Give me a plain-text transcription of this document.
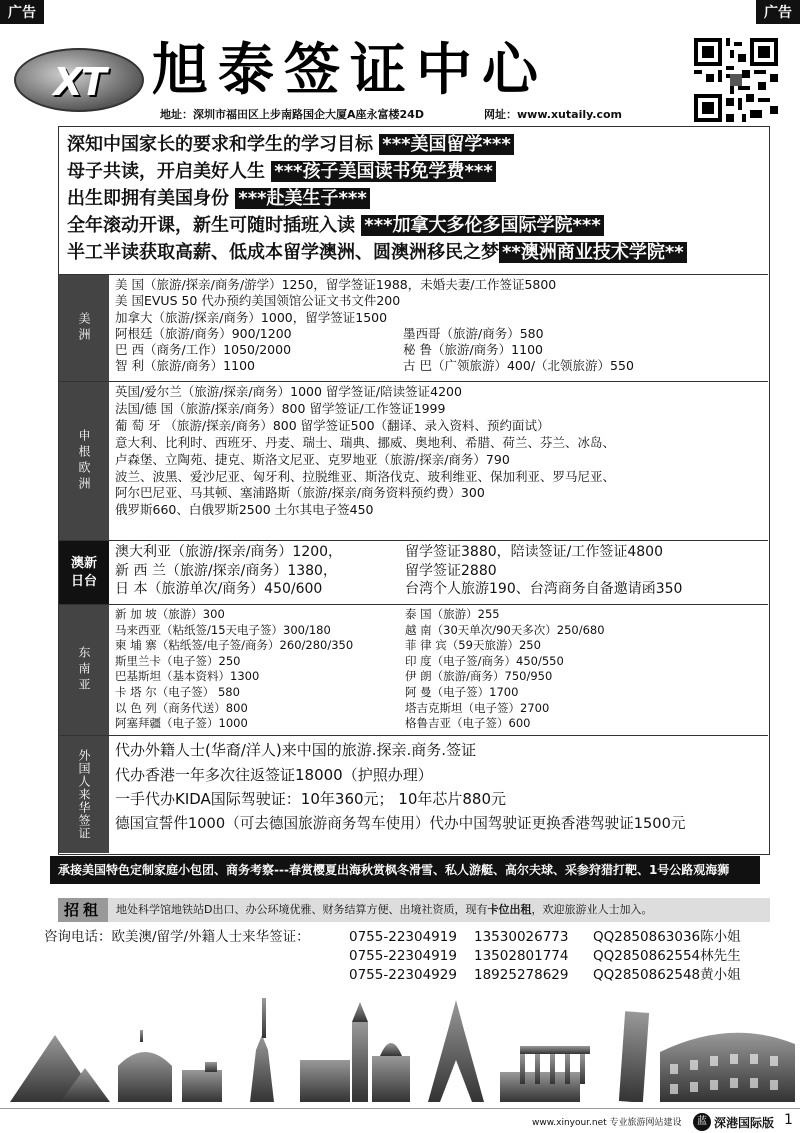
广告	广告
XT 旭泰签证中心
地址：深圳市福田区上步南路国企大厦A座永富楼24D	网址：www.xutaily.com
深知中国家长的要求和学生的学习目标 ***美国留学***
母子共读，开启美好人生 ***孩子美国读书免学费***
出生即拥有美国身份 ***赴美生子***
全年滚动开课，新生可随时插班入读 ***加拿大多伦多国际学院***
半工半读获取高薪、低成本留学澳洲、圆澳洲移民之梦 **澳洲商业技术学院**
美洲
美 国（旅游/探亲/商务/游学）1250，留学签证1988，未婚夫妻/工作签证5800
美 国EVUS 50 代办预约美国领馆公证文书文件200
加拿大（旅游/探亲/商务）1000，留学签证1500
阿根廷（旅游/商务）900/1200	墨西哥（旅游/商务）580
巴 西（商务/工作）1050/2000	秘 鲁（旅游/商务）1100
智 利（旅游/商务）1100	古 巴（广领旅游）400/（北领旅游）550
申根欧洲
英国/爱尔兰（旅游/探亲/商务）1000 留学签证/陪读签证4200
法国/德 国（旅游/探亲/商务）800 留学签证/工作签证1999
葡 萄 牙 （旅游/探亲/商务）800 留学签证500（翻译、录入资料、预约面试）
意大利、比利时、西班牙、丹麦、瑞士、瑞典、挪威、奥地利、希腊、荷兰、芬兰、冰岛、
卢森堡、立陶苑、捷克、斯洛文尼亚、克罗地亚（旅游/探亲/商务）790
波兰、波黑、爱沙尼亚、匈牙利、拉脱维亚、斯洛伐克、玻利维亚、保加利亚、罗马尼亚、
阿尔巴尼亚、马其顿、塞浦路斯（旅游/探亲/商务资料预约费）300
俄罗斯660、白俄罗斯2500 土尔其电子签450
澳新日台
澳大利亚（旅游/探亲/商务）1200，	留学签证3880，陪读签证/工作签证4800
新 西 兰（旅游/探亲/商务）1380，	留学签证2880
日 本（旅游单次/商务）450/600	台湾个人旅游190、台湾商务自备邀请函350
东南亚
新 加 坡（旅游）300	泰 国（旅游）255
马来西亚（粘纸签/15天电子签）300/180	越 南（30天单次/90天多次）250/680
柬 埔 寨（粘纸签/电子签/商务）260/280/350	菲 律 宾（59天旅游）250
斯里兰卡（电子签）250	印 度（电子签/商务）450/550
巴基斯坦（基本资料）1300	伊 朗（旅游/商务）750/950
卡 塔 尔（电子签） 580	阿 曼（电子签）1700
以 色 列（商务代送）800	塔吉克斯坦（电子签）2700
阿塞拜疆（电子签）1000	格鲁吉亚（电子签）600
外国人来华签证 代办外籍人士(华裔/洋人)来中国的旅游.探亲.商务.签证
代办香港一年多次往返签证18000（护照办理）
一手代办KIDA国际驾驶证：10年360元； 10年芯片880元
德国宣誓件1000（可去德国旅游商务驾车使用）代办中国驾驶证更换香港驾驶证1500元
承接美国特色定制家庭小包团、商务考察---春赏樱夏出海秋赏枫冬滑雪、私人游艇、高尔夫球、采参狩猎打靶、1号公路观海狮
招租	地处科学馆地铁站D出口、办公环境优雅、财务结算方便、出境社资质，现有卡位出租，欢迎旅游业人士加入。
咨询电话：欧美澳/留学/外籍人士来华签证：	0755-22304919 13530026773 QQ2850863036陈小姐
0755-22304919 13502801774 QQ2850862554林先生
0755-22304929 18925278629 QQ2850862548黄小姐
www.xinyour.net 专业旅游网站建设	蓝 深港国际版 1
